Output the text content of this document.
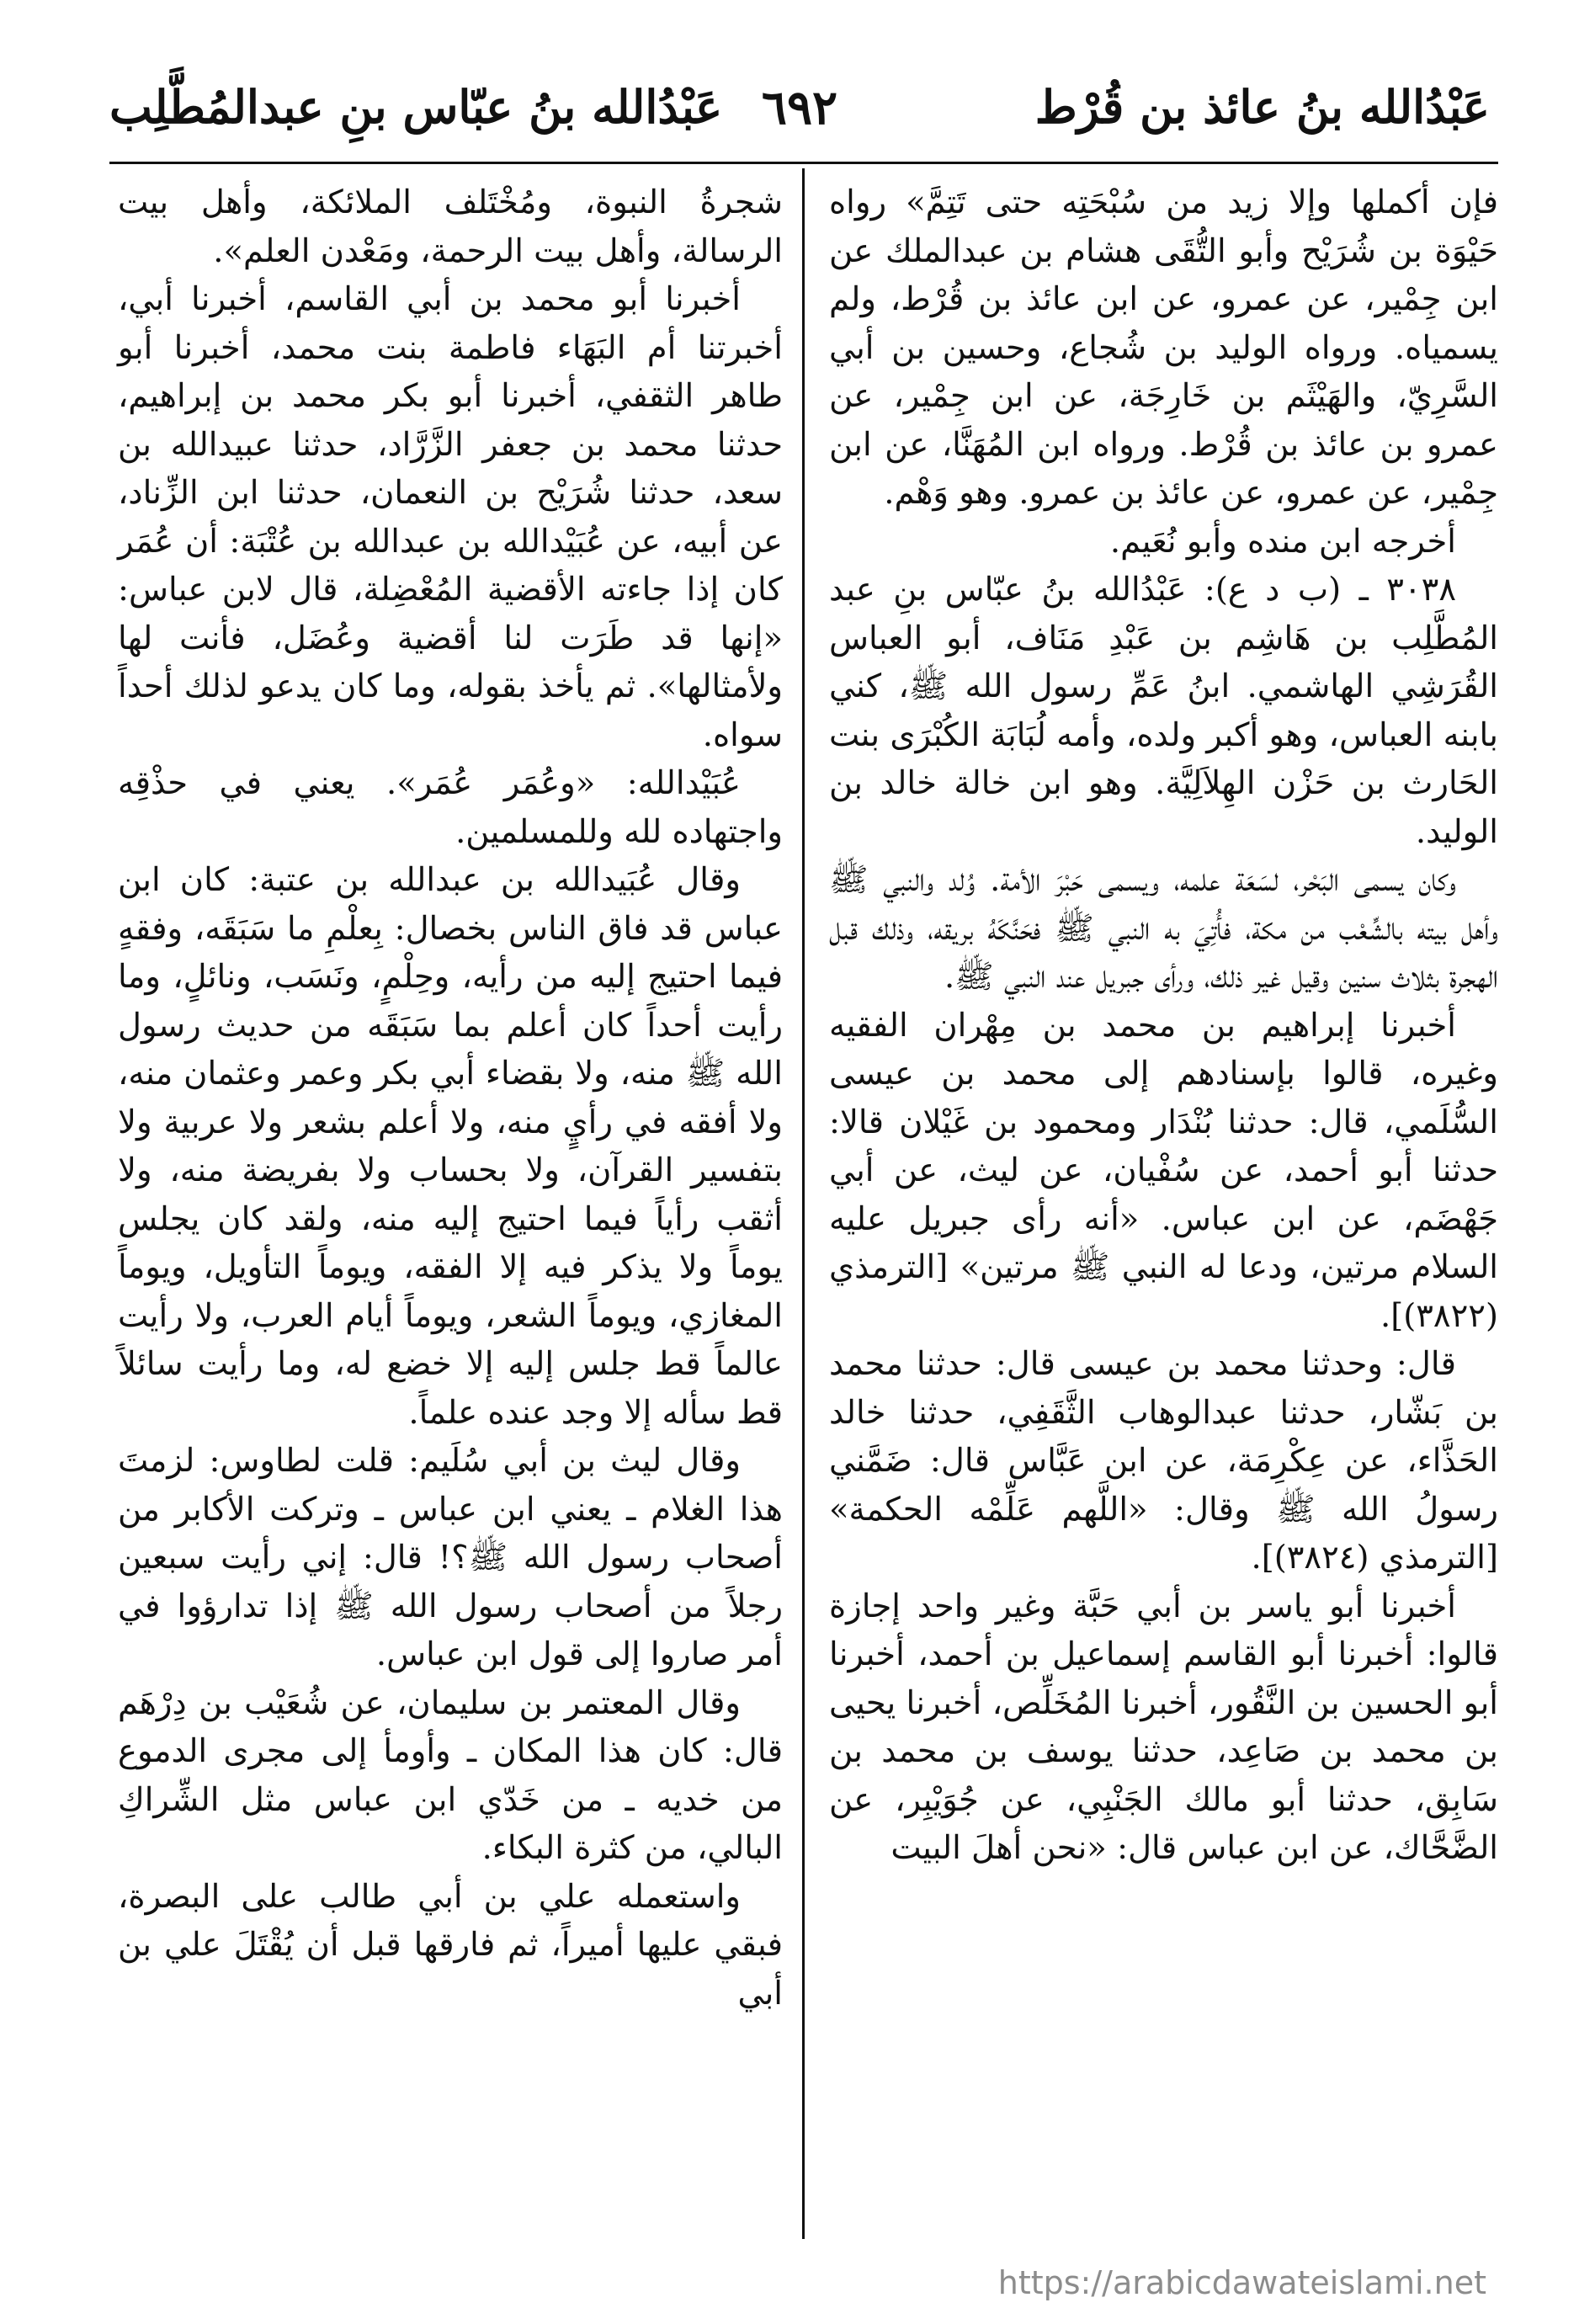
عَبْدُالله بنُ عائذ بن قُرْط
٦٩٢
عَبْدُالله بنُ عبّاس بنِ عبدالمُطَّلِب

فإن أكملها وإلا زيد من سُبْحَتِه حتى تَتِمَّ» رواه حَيْوَة بن شُرَيْح وأبو التُّقَى هشام بن عبدالملك عن ابن جِمْير، عن عمرو، عن ابن عائذ بن قُرْط، ولم يسمياه. ورواه الوليد بن شُجاع، وحسين بن أبي السَّرِيّ، والهَيْثَم بن خَارِجَة، عن ابن جِمْير، عن عمرو بن عائذ بن قُرْط. ورواه ابن المُهَنَّا، عن ابن جِمْير، عن عمرو، عن عائذ بن عمرو. وهو وَهْم.

أخرجه ابن منده وأبو نُعَيم.

٣٠٣٨ ـ (ب د ع): عَبْدُالله بنُ عبّاس بنِ عبد المُطَّلِب بن هَاشِم بن عَبْدِ مَنَاف، أبو العباس القُرَشِي الهاشمي. ابنُ عَمِّ رسول الله ﷺ، كني بابنه العباس، وهو أكبر ولده، وأمه لُبَابَة الكُبْرَى بنت الحَارث بن حَزْن الهِلاَلِيَّة. وهو ابن خالة خالد بن الوليد.

وكان يسمى البَحْر، لسَعَة علمه، ويسمى حَبْرَ الأمة. وُلد والنبي ﷺ وأهل بيته بالشِّعْب من مكة، فأُتِيَ به النبي ﷺ فحَنَّكَهُ بريقه، وذلك قبل الهجرة بثلاث سنين وقيل غير ذلك، ورأى جبريل عند النبي ﷺ.

أخبرنا إبراهيم بن محمد بن مِهْران الفقيه وغيره، قالوا بإسنادهم إلى محمد بن عيسى السُّلَمي، قال: حدثنا بُنْدَار ومحمود بن غَيْلان قالا: حدثنا أبو أحمد، عن سُفْيان، عن ليث، عن أبي جَهْضَم، عن ابن عباس. «أنه رأى جبريل عليه السلام مرتين، ودعا له النبي ﷺ مرتين» [الترمذي (٣٨٢٢)].

قال: وحدثنا محمد بن عيسى قال: حدثنا محمد بن بَشّار، حدثنا عبدالوهاب الثَّقَفِي، حدثنا خالد الحَذَّاء، عن عِكْرِمَة، عن ابن عَبَّاس قال: ضَمَّني رسولُ الله ﷺ وقال: «اللَّهم عَلِّمْه الحكمة» [الترمذي (٣٨٢٤)].

أخبرنا أبو ياسر بن أبي حَبَّة وغير واحد إجازة قالوا: أخبرنا أبو القاسم إسماعيل بن أحمد، أخبرنا أبو الحسين بن النَّقُور، أخبرنا المُخَلِّص، أخبرنا يحيى بن محمد بن صَاعِد، حدثنا يوسف بن محمد بن سَابِق، حدثنا أبو مالك الجَنْبِي، عن جُوَيْبِر، عن الضَّحَّاك، عن ابن عباس قال: «نحن أهلَ البيت

شجرةُ النبوة، ومُخْتَلف الملائكة، وأهل بيت الرسالة، وأهل بيت الرحمة، ومَعْدن العلم».

أخبرنا أبو محمد بن أبي القاسم، أخبرنا أبي، أخبرتنا أم البَهَاء فاطمة بنت محمد، أخبرنا أبو طاهر الثقفي، أخبرنا أبو بكر محمد بن إبراهيم، حدثنا محمد بن جعفر الزَّرَّاد، حدثنا عبيدالله بن سعد، حدثنا شُرَيْح بن النعمان، حدثنا ابن الزِّناد، عن أبيه، عن عُبَيْدالله بن عبدالله بن عُتْبَة: أن عُمَر كان إذا جاءته الأقضية المُعْضِلة، قال لابن عباس: «إنها قد طَرَت لنا أقضية وعُضَل، فأنت لها ولأمثالها». ثم يأخذ بقوله، وما كان يدعو لذلك أحداً سواه.

عُبَيْدالله: «وعُمَر عُمَر». يعني في حذْقِه واجتهاده لله وللمسلمين.

وقال عُبَيدالله بن عبدالله بن عتبة: كان ابن عباس قد فاق الناس بخصال: بِعلْمِ ما سَبَقَه، وفقهٍ فيما احتيج إليه من رأيه، وحِلْمٍ، ونَسَب، ونائلٍ، وما رأيت أحداً كان أعلم بما سَبَقَه من حديث رسول الله ﷺ منه، ولا بقضاء أبي بكر وعمر وعثمان منه، ولا أفقه في رأيٍ منه، ولا أعلم بشعر ولا عربية ولا بتفسير القرآن، ولا بحساب ولا بفريضة منه، ولا أثقب رأياً فيما احتيج إليه منه، ولقد كان يجلس يوماً ولا يذكر فيه إلا الفقه، ويوماً التأويل، ويوماً المغازي، ويوماً الشعر، ويوماً أيام العرب، ولا رأيت عالماً قط جلس إليه إلا خضع له، وما رأيت سائلاً قط سأله إلا وجد عنده علماً.

وقال ليث بن أبي سُلَيم: قلت لطاوس: لزمتَ هذا الغلام ـ يعني ابن عباس ـ وتركت الأكابر من أصحاب رسول الله ﷺ؟! قال: إني رأيت سبعين رجلاً من أصحاب رسول الله ﷺ إذا تدارؤوا في أمر صاروا إلى قول ابن عباس.

وقال المعتمر بن سليمان، عن شُعَيْب بن دِرْهَم قال: كان هذا المكان ـ وأومأ إلى مجرى الدموع من خديه ـ من خَدّي ابن عباس مثل الشِّراكِ البالي، من كثرة البكاء.

واستعمله علي بن أبي طالب على البصرة، فبقي عليها أميراً، ثم فارقها قبل أن يُقْتَلَ علي بن أبي

https://arabicdawateislami.net
